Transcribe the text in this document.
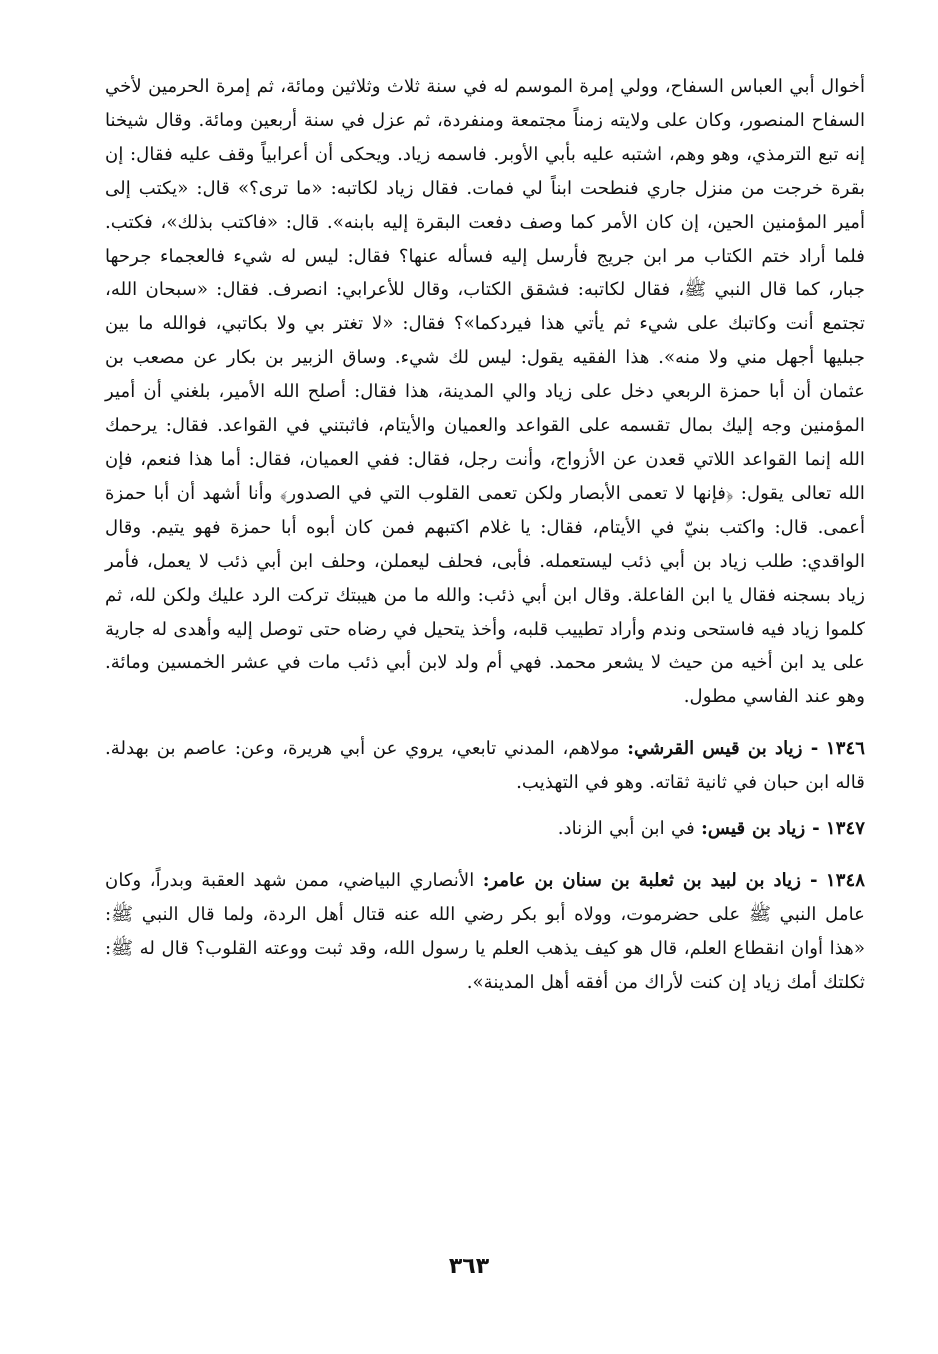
أخوال أبي العباس السفاح، وولي إمرة الموسم له في سنة ثلاث وثلاثين ومائة، ثم إمرة الحرمين لأخي السفاح المنصور، وكان على ولايته زمناً مجتمعة ومنفردة، ثم عزل في سنة أربعين ومائة. وقال شيخنا إنه تبع الترمذي، وهو وهم، اشتبه عليه بأبي الأوبر. فاسمه زياد. ويحكى أن أعرابياً وقف عليه فقال: إن بقرة خرجت من منزل جاري فنطحت ابناً لي فمات. فقال زياد لكاتبه: «ما ترى؟» قال: «يكتب إلى أمير المؤمنين الحين، إن كان الأمر كما وصف دفعت البقرة إليه بابنه». قال: «فاكتب بذلك»، فكتب. فلما أراد ختم الكتاب مر ابن جريج فأرسل إليه فسأله عنها؟ فقال: ليس له شيء فالعجماء جرحها جبار، كما قال النبي ﷺ، فقال لكاتبه: فشقق الكتاب، وقال للأعرابي: انصرف. فقال: «سبحان الله، تجتمع أنت وكاتبك على شيء ثم يأتي هذا فيردكما»؟ فقال: «لا تغتر بي ولا بكاتبي، فوالله ما بين جبليها أجهل مني ولا منه». هذا الفقيه يقول: ليس لك شيء. وساق الزبير بن بكار عن مصعب بن عثمان أن أبا حمزة الربعي دخل على زياد والي المدينة، هذا فقال: أصلح الله الأمير، بلغني أن أمير المؤمنين وجه إليك بمال تقسمه على القواعد والعميان والأيتام، فاثبتني في القواعد. فقال: يرحمك الله إنما القواعد اللاتي قعدن عن الأزواج، وأنت رجل، فقال: ففي العميان، فقال: أما هذا فنعم، فإن الله تعالى يقول: ﴿فإنها لا تعمى الأبصار ولكن تعمى القلوب التي في الصدور﴾ وأنا أشهد أن أبا حمزة أعمى. قال: واكتب بنيّ في الأيتام، فقال: يا غلام اكتبهم فمن كان أبوه أبا حمزة فهو يتيم. وقال الواقدي: طلب زياد بن أبي ذئب ليستعمله. فأبى، فحلف ليعملن، وحلف ابن أبي ذئب لا يعمل، فأمر زياد بسجنه فقال يا ابن الفاعلة. وقال ابن أبي ذئب: والله ما من هيبتك تركت الرد عليك ولكن لله، ثم كلموا زياد فيه فاستحى وندم وأراد تطييب قلبه، وأخذ يتحيل في رضاه حتى توصل إليه وأهدى له جارية على يد ابن أخيه من حيث لا يشعر محمد. فهي أم ولد لابن أبي ذئب مات في عشر الخمسين ومائة. وهو عند الفاسي مطول.

١٣٤٦ - زياد بن قيس القرشي: مولاهم، المدني تابعي، يروي عن أبي هريرة، وعن: عاصم بن بهدلة. قاله ابن حبان في ثانية ثقاته. وهو في التهذيب.

١٣٤٧ - زياد بن قيس: في ابن أبي الزناد.

١٣٤٨ - زياد بن لبيد بن ثعلبة بن سنان بن عامر: الأنصاري البياضي، ممن شهد العقبة وبدراً، وكان عامل النبي ﷺ على حضرموت، وولاه أبو بكر رضي الله عنه قتال أهل الردة، ولما قال النبي ﷺ: «هذا أوان انقطاع العلم، قال هو كيف يذهب العلم يا رسول الله، وقد ثبت ووعته القلوب؟ قال له ﷺ: ثكلتك أمك زياد إن كنت لأراك من أفقه أهل المدينة».

٣٦٣
